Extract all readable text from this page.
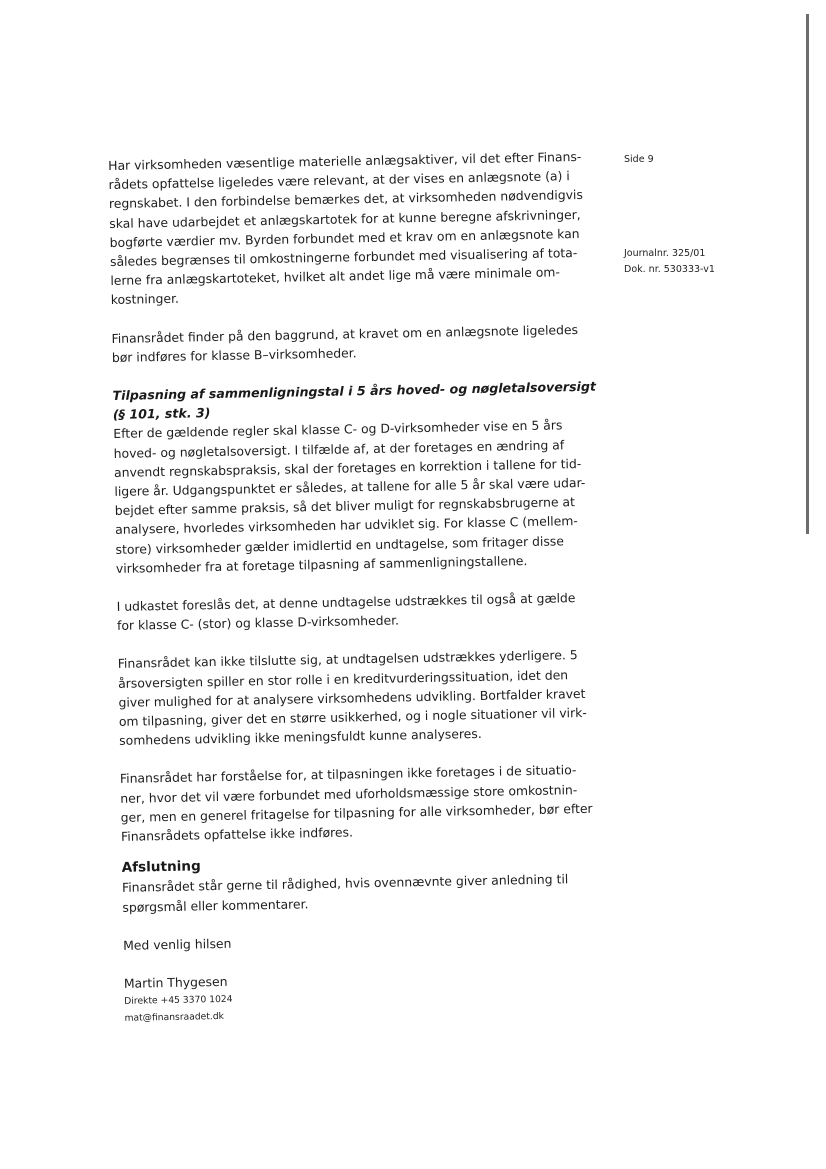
Side 9
Journalnr. 325/01
Dok. nr. 530333-v1

Har virksomheden væsentlige materielle anlægsaktiver, vil det efter Finans-
rådets opfattelse ligeledes være relevant, at der vises en anlægsnote (a) i
regnskabet. I den forbindelse bemærkes det, at virksomheden nødvendigvis
skal have udarbejdet et anlægskartotek for at kunne beregne afskrivninger,
bogførte værdier mv. Byrden forbundet med et krav om en anlægsnote kan
således begrænses til omkostningerne forbundet med visualisering af tota-
lerne fra anlægskartoteket, hvilket alt andet lige må være minimale om-
kostninger.

Finansrådet finder på den baggrund, at kravet om en anlægsnote ligeledes
bør indføres for klasse B–virksomheder.

Tilpasning af sammenligningstal i 5 års hoved- og nøgletalsoversigt
(§ 101, stk. 3)

Efter de gældende regler skal klasse C- og D-virksomheder vise en 5 års
hoved- og nøgletalsoversigt. I tilfælde af, at der foretages en ændring af
anvendt regnskabspraksis, skal der foretages en korrektion i tallene for tid-
ligere år. Udgangspunktet er således, at tallene for alle 5 år skal være udar-
bejdet efter samme praksis, så det bliver muligt for regnskabsbrugerne at
analysere, hvorledes virksomheden har udviklet sig. For klasse C (mellem-
store) virksomheder gælder imidlertid en undtagelse, som fritager disse
virksomheder fra at foretage tilpasning af sammenligningstallene.

I udkastet foreslås det, at denne undtagelse udstrækkes til også at gælde
for klasse C- (stor) og klasse D-virksomheder.

Finansrådet kan ikke tilslutte sig, at undtagelsen udstrækkes yderligere. 5
årsoversigten spiller en stor rolle i en kreditvurderingssituation, idet den
giver mulighed for at analysere virksomhedens udvikling. Bortfalder kravet
om tilpasning, giver det en større usikkerhed, og i nogle situationer vil virk-
somhedens udvikling ikke meningsfuldt kunne analyseres.

Finansrådet har forståelse for, at tilpasningen ikke foretages i de situatio-
ner, hvor det vil være forbundet med uforholdsmæssige store omkostnin-
ger, men en generel fritagelse for tilpasning for alle virksomheder, bør efter
Finansrådets opfattelse ikke indføres.

Afslutning

Finansrådet står gerne til rådighed, hvis ovennævnte giver anledning til
spørgsmål eller kommentarer.

Med venlig hilsen

Martin Thygesen

Direkte +45 3370 1024

mat@finansraadet.dk
